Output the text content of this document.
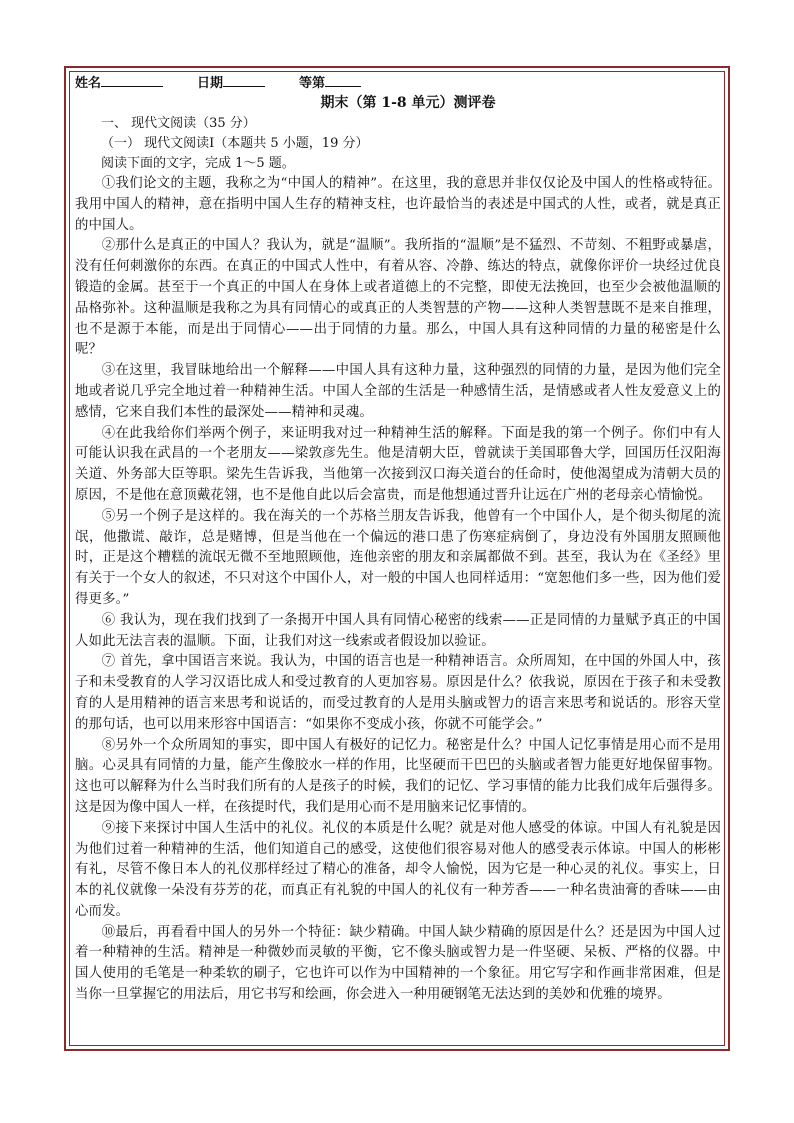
姓名	日期	等第
期末（第 1-8 单元）测评卷
一、 现代文阅读（35 分）
（一） 现代文阅读Ⅰ（本题共 5 小题，19 分）
阅读下面的文字，完成 1～5 题。

①我们论文的主题，我称之为“中国人的精神”。在这里，我的意思并非仅仅论及中国人的性格或特征。我用中国人的精神，意在指明中国人生存的精神支柱，也许最恰当的表述是中国式的人性，或者，就是真正的中国人。

②那什么是真正的中国人？我认为，就是“温顺”。我所指的“温顺”是不猛烈、不苛刻、不粗野或暴虐，没有任何刺激你的东西。在真正的中国式人性中，有着从容、冷静、练达的特点，就像你评价一块经过优良锻造的金属。甚至于一个真正的中国人在身体上或者道德上的不完整，即使无法挽回，也至少会被他温顺的品格弥补。这种温顺是我称之为具有同情心的或真正的人类智慧的产物——这种人类智慧既不是来自推理，也不是源于本能，而是出于同情心——出于同情的力量。那么，中国人具有这种同情的力量的秘密是什么呢？

③在这里，我冒昧地给出一个解释——中国人具有这种力量，这种强烈的同情的力量，是因为他们完全地或者说几乎完全地过着一种精神生活。中国人全部的生活是一种感情生活，是情感或者人性友爱意义上的感情，它来自我们本性的最深处——精神和灵魂。

④在此我给你们举两个例子，来证明我对过一种精神生活的解释。下面是我的第一个例子。你们中有人可能认识我在武昌的一个老朋友——梁敦彦先生。他是清朝大臣，曾就读于美国耶鲁大学，回国历任汉阳海关道、外务部大臣等职。梁先生告诉我，当他第一次接到汉口海关道台的任命时，使他渴望成为清朝大员的原因，不是他在意顶戴花翎，也不是他自此以后会富贵，而是他想通过晋升让远在广州的老母亲心情愉悦。

⑤另一个例子是这样的。我在海关的一个苏格兰朋友告诉我，他曾有一个中国仆人，是个彻头彻尾的流氓，他撒谎、敲诈，总是赌博，但是当他在一个偏远的港口患了伤寒症病倒了，身边没有外国朋友照顾他时，正是这个糟糕的流氓无微不至地照顾他，连他亲密的朋友和亲属都做不到。甚至，我认为在《圣经》里有关于一个女人的叙述，不只对这个中国仆人，对一般的中国人也同样适用：“宽恕他们多一些，因为他们爱得更多。”

⑥ 我认为，现在我们找到了一条揭开中国人具有同情心秘密的线索——正是同情的力量赋予真正的中国人如此无法言表的温顺。下面，让我们对这一线索或者假设加以验证。

⑦ 首先，拿中国语言来说。我认为，中国的语言也是一种精神语言。众所周知，在中国的外国人中，孩子和未受教育的人学习汉语比成人和受过教育的人更加容易。原因是什么？依我说，原因在于孩子和未受教育的人是用精神的语言来思考和说话的，而受过教育的人是用头脑或智力的语言来思考和说话的。形容天堂的那句话，也可以用来形容中国语言：“如果你不变成小孩，你就不可能学会。”

⑧另外一个众所周知的事实，即中国人有极好的记忆力。秘密是什么？中国人记忆事情是用心而不是用脑。心灵具有同情的力量，能产生像胶水一样的作用，比坚硬而干巴巴的头脑或者智力能更好地保留事物。这也可以解释为什么当时我们所有的人是孩子的时候，我们的记忆、学习事情的能力比我们成年后强得多。这是因为像中国人一样，在孩提时代，我们是用心而不是用脑来记忆事情的。

⑨接下来探讨中国人生活中的礼仪。礼仪的本质是什么呢？就是对他人感受的体谅。中国人有礼貌是因为他们过着一种精神的生活，他们知道自己的感受，这使他们很容易对他人的感受表示体谅。中国人的彬彬有礼，尽管不像日本人的礼仪那样经过了精心的准备，却令人愉悦，因为它是一种心灵的礼仪。事实上，日本的礼仪就像一朵没有芬芳的花，而真正有礼貌的中国人的礼仪有一种芳香——一种名贵油膏的香味——由心而发。

⑩最后，再看看中国人的另外一个特征：缺少精确。中国人缺少精确的原因是什么？还是因为中国人过着一种精神的生活。精神是一种微妙而灵敏的平衡，它不像头脑或智力是一件坚硬、呆板、严格的仪器。中国人使用的毛笔是一种柔软的刷子，它也许可以作为中国精神的一个象征。用它写字和作画非常困难，但是当你一旦掌握它的用法后，用它书写和绘画，你会进入一种用硬钢笔无法达到的美妙和优雅的境界。
